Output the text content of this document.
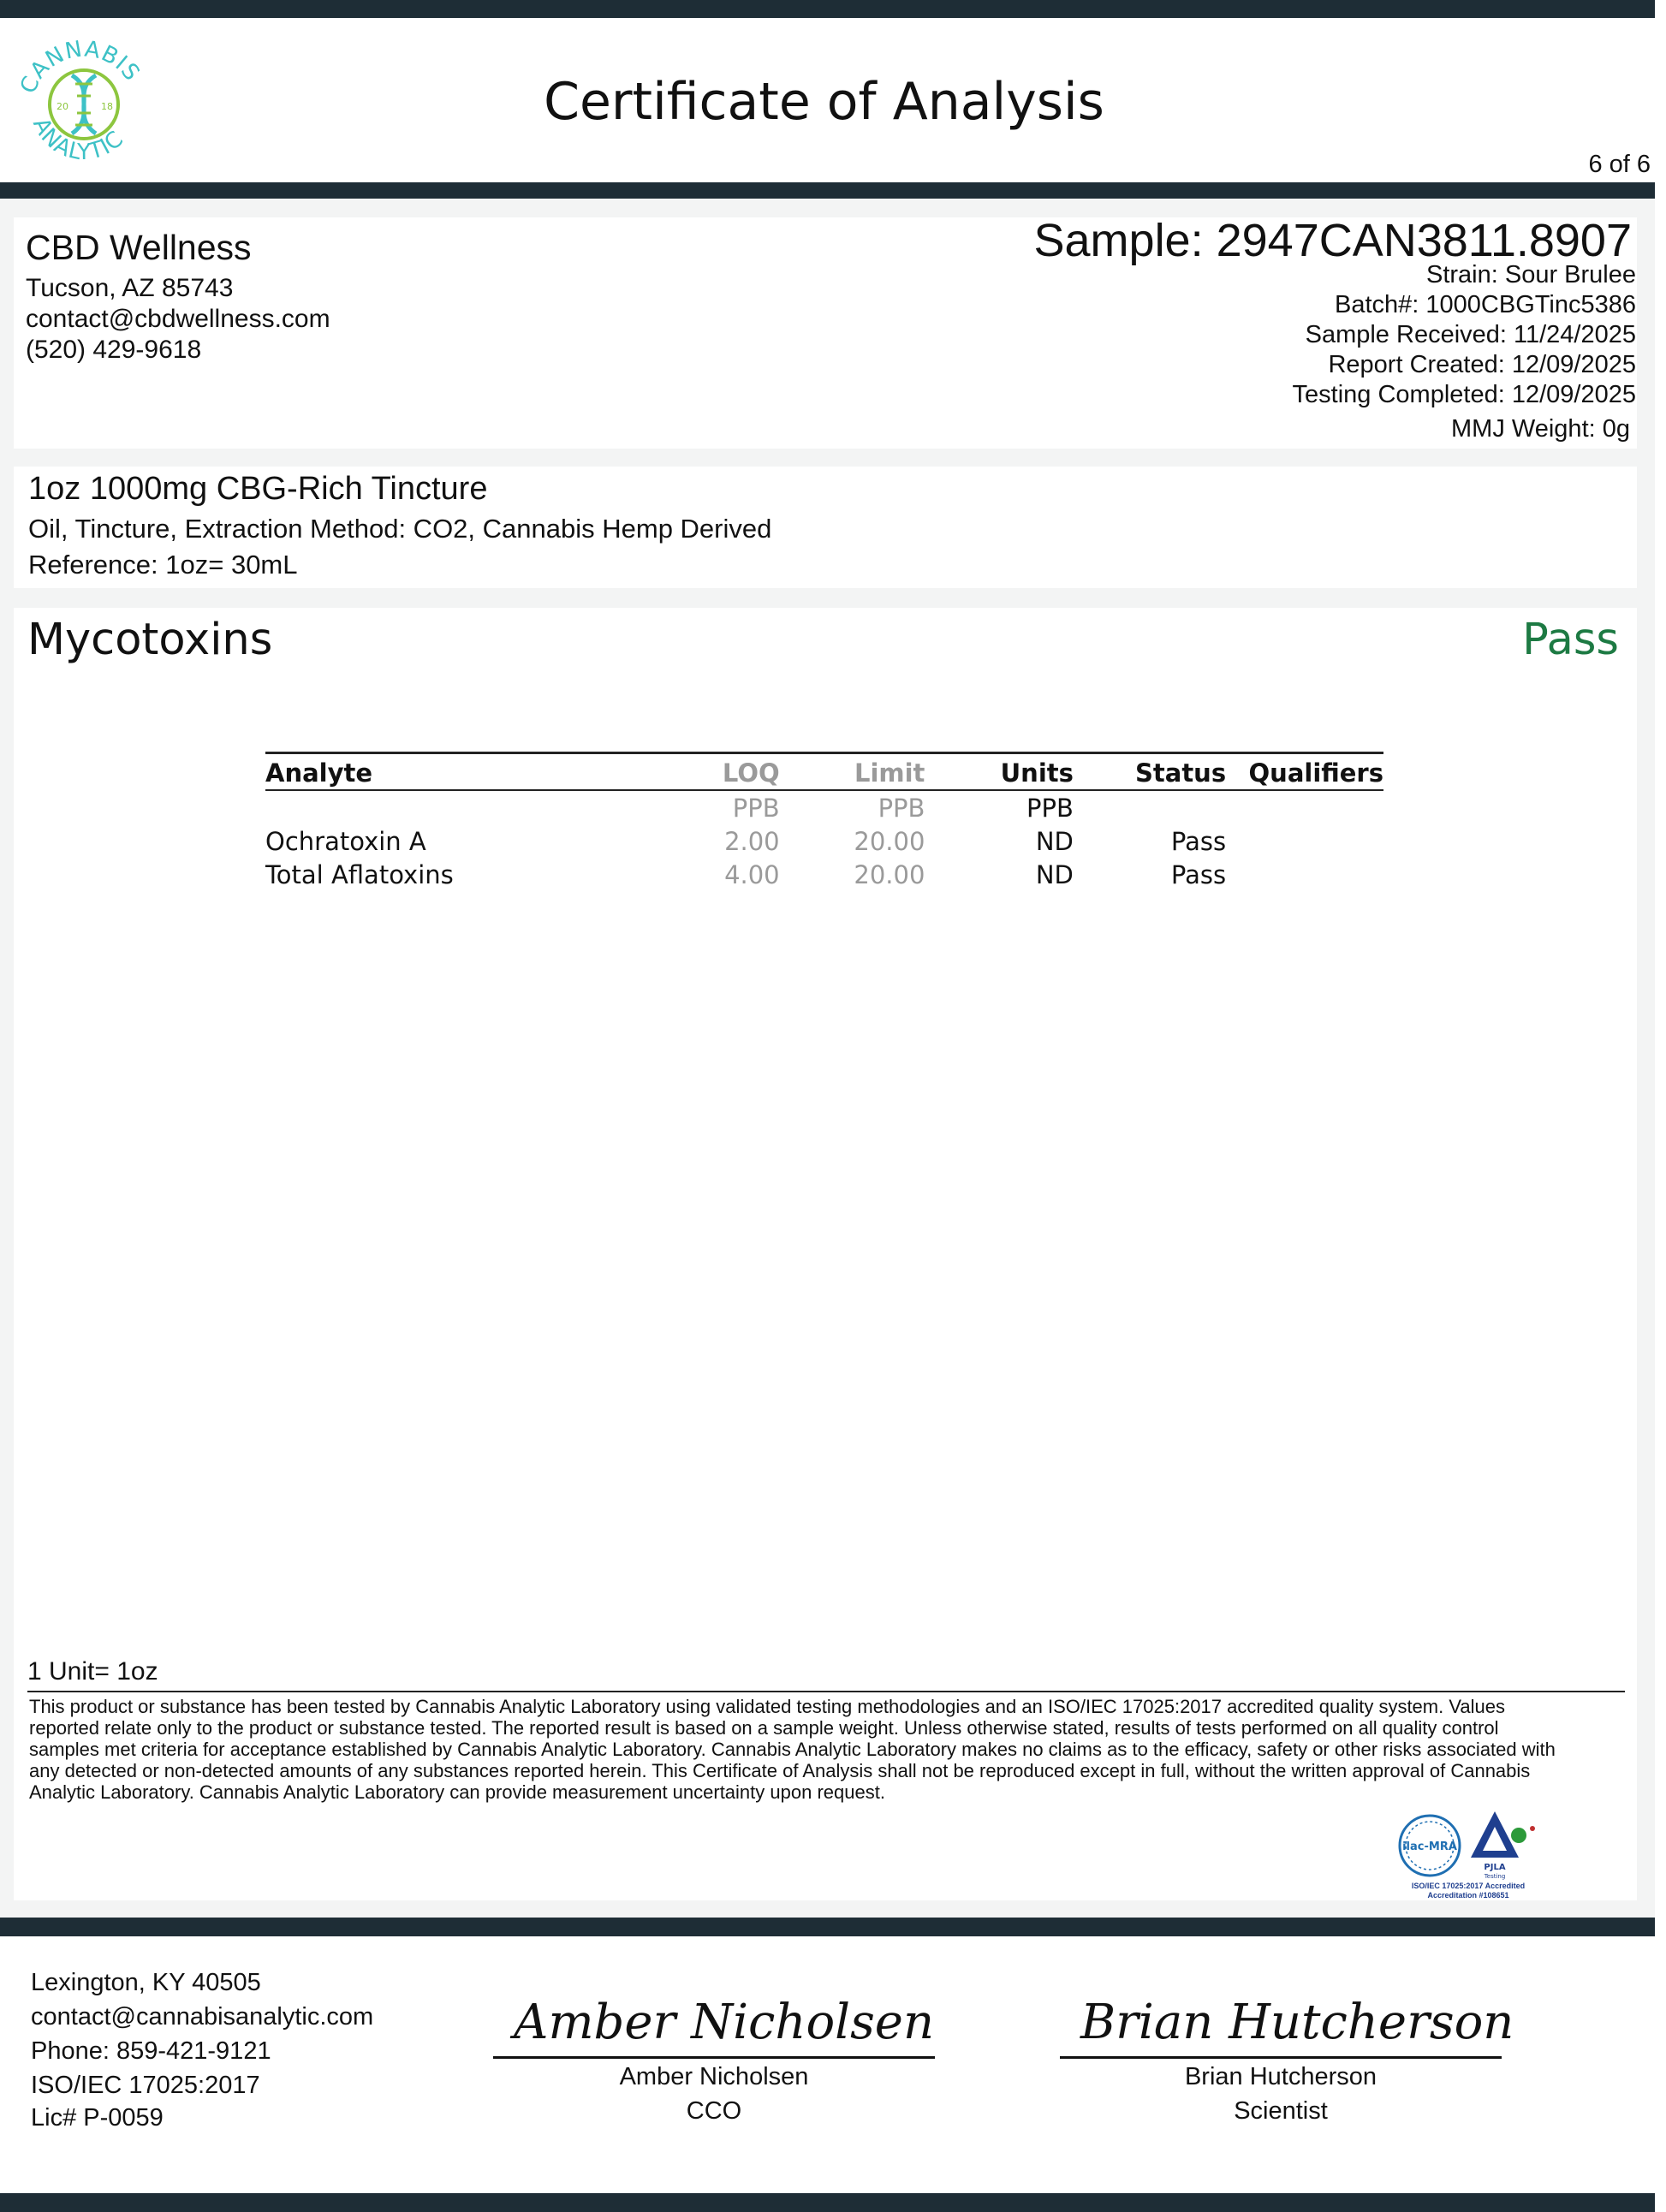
20	18
CANNABIS
ANALYTIC
Certificate of Analysis
6 of 6
CBD Wellness
Tucson, AZ 85743
contact@cbdwellness.com
(520) 429-9618
Sample: 2947CAN3811.8907
Strain: Sour Brulee
Batch#: 1000CBGTinc5386
Sample Received: 11/24/2025
Report Created: 12/09/2025
Testing Completed: 12/09/2025
MMJ Weight: 0g
1oz 1000mg CBG-Rich Tincture
Oil, Tincture, Extraction Method: CO2, Cannabis Hemp Derived
Reference: 1oz= 30mL
Mycotoxins	Pass
Analyte	LOQ	Limit	Units	Status	Qualifiers
	PPB	PPB	PPB		
Ochratoxin A	2.00	20.00	ND	Pass	
Total Aflatoxins	4.00	20.00	ND	Pass	
1 Unit= 1oz
This product or substance has been tested by Cannabis Analytic Laboratory using validated testing methodologies and an ISO/IEC 17025:2017 accredited quality system. Values reported relate only to the product or substance tested. The reported result is based on a sample weight. Unless otherwise stated, results of tests performed on all quality control samples met criteria for acceptance established by Cannabis Analytic Laboratory. Cannabis Analytic Laboratory makes no claims as to the efficacy, safety or other risks associated with any detected or non-detected amounts of any substances reported herein. This Certificate of Analysis shall not be reproduced except in full, without the written approval of Cannabis Analytic Laboratory. Cannabis Analytic Laboratory can provide measurement uncertainty upon request.
ilac-MRA
PJLA
Testing
ISO/IEC 17025:2017 Accredited
Accreditation #108651
Lexington, KY 40505
contact@cannabisanalytic.com
Phone: 859-421-9121
ISO/IEC 17025:2017
Lic# P-0059
Amber Nicholsen
Amber Nicholsen
CCO
Brian Hutcherson
Brian Hutcherson
Scientist
